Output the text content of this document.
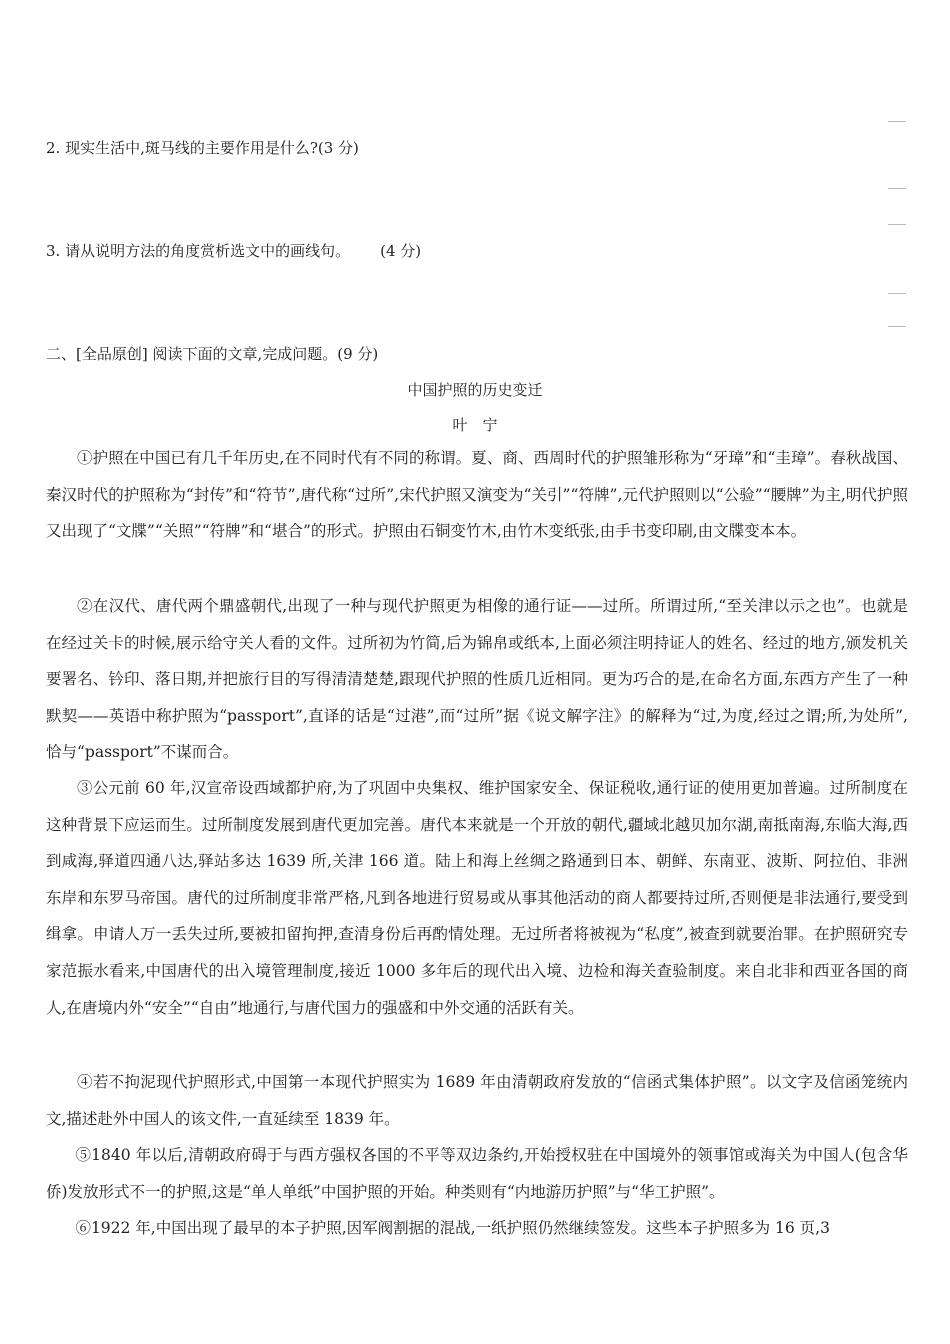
2. 现实生活中,斑马线的主要作用是什么?(3 分)
3. 请从说明方法的角度赏析选文中的画线句。 (4 分)
二、[全品原创] 阅读下面的文章,完成问题。(9 分)
中国护照的历史变迁
叶　宁

①护照在中国已有几千年历史,在不同时代有不同的称谓。夏、商、西周时代的护照雏形称为“牙璋”和“圭璋”。春秋战国、秦汉时代的护照称为“封传”和“符节”,唐代称“过所”,宋代护照又演变为“关引”“符牌”,元代护照则以“公验”“腰牌”为主,明代护照又出现了“文牒”“关照”“符牌”和“堪合”的形式。护照由石铜变竹木,由竹木变纸张,由手书变印刷,由文牒变本本。

②在汉代、唐代两个鼎盛朝代,出现了一种与现代护照更为相像的通行证——过所。所谓过所,“至关津以示之也”。也就是在经过关卡的时候,展示给守关人看的文件。过所初为竹简,后为锦帛或纸本,上面必须注明持证人的姓名、经过的地方,颁发机关要署名、钤印、落日期,并把旅行目的写得清清楚楚,跟现代护照的性质几近相同。更为巧合的是,在命名方面,东西方产生了一种默契——英语中称护照为“passport”,直译的话是“过港”,而“过所”据《说文解字注》的解释为“过,为度,经过之谓;所,为处所”,恰与“passport”不谋而合。

③公元前 60 年,汉宣帝设西域都护府,为了巩固中央集权、维护国家安全、保证税收,通行证的使用更加普遍。过所制度在这种背景下应运而生。过所制度发展到唐代更加完善。唐代本来就是一个开放的朝代,疆域北越贝加尔湖,南抵南海,东临大海,西到咸海,驿道四通八达,驿站多达 1639 所,关津 166 道。陆上和海上丝绸之路通到日本、朝鲜、东南亚、波斯、阿拉伯、非洲东岸和东罗马帝国。唐代的过所制度非常严格,凡到各地进行贸易或从事其他活动的商人都要持过所,否则便是非法通行,要受到缉拿。申请人万一丢失过所,要被扣留拘押,查清身份后再酌情处理。无过所者将被视为“私度”,被查到就要治罪。在护照研究专家范振水看来,中国唐代的出入境管理制度,接近 1000 多年后的现代出入境、边检和海关查验制度。来自北非和西亚各国的商人,在唐境内外“安全”“自由”地通行,与唐代国力的强盛和中外交通的活跃有关。

④若不拘泥现代护照形式,中国第一本现代护照实为 1689 年由清朝政府发放的“信函式集体护照”。以文字及信函笼统内文,描述赴外中国人的该文件,一直延续至 1839 年。

⑤1840 年以后,清朝政府碍于与西方强权各国的不平等双边条约,开始授权驻在中国境外的领事馆或海关为中国人(包含华侨)发放形式不一的护照,这是“单人单纸”中国护照的开始。种类则有“内地游历护照”与“华工护照”。

⑥1922 年,中国出现了最早的本子护照,因军阀割据的混战,一纸护照仍然继续签发。这些本子护照多为 16 页,3
